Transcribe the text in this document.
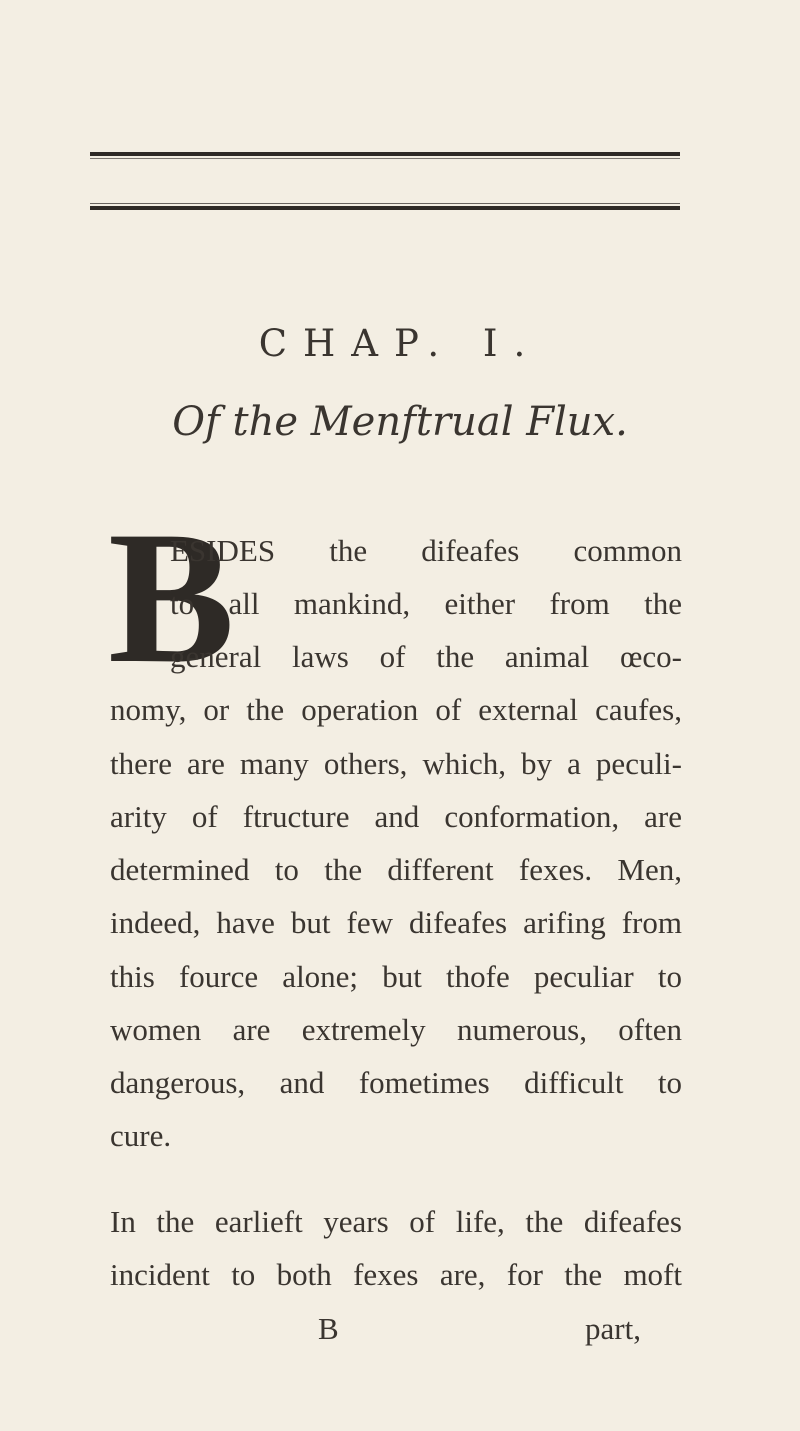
CHAP. I.
Of the Menftrual Flux.
B
ESIDES the difeafes common
to all mankind, either from the
general laws of the animal œco-
nomy, or the operation of external caufes,
there are many others, which, by a peculi-
arity of ftructure and conformation, are
determined to the different fexes. Men,
indeed, have but few difeafes arifing from
this fource alone; but thofe peculiar to
women are extremely numerous, often
dangerous, and fometimes difficult to
cure.
In the earlieft years of life, the difeafes
incident to both fexes are, for the moft
B	part,
